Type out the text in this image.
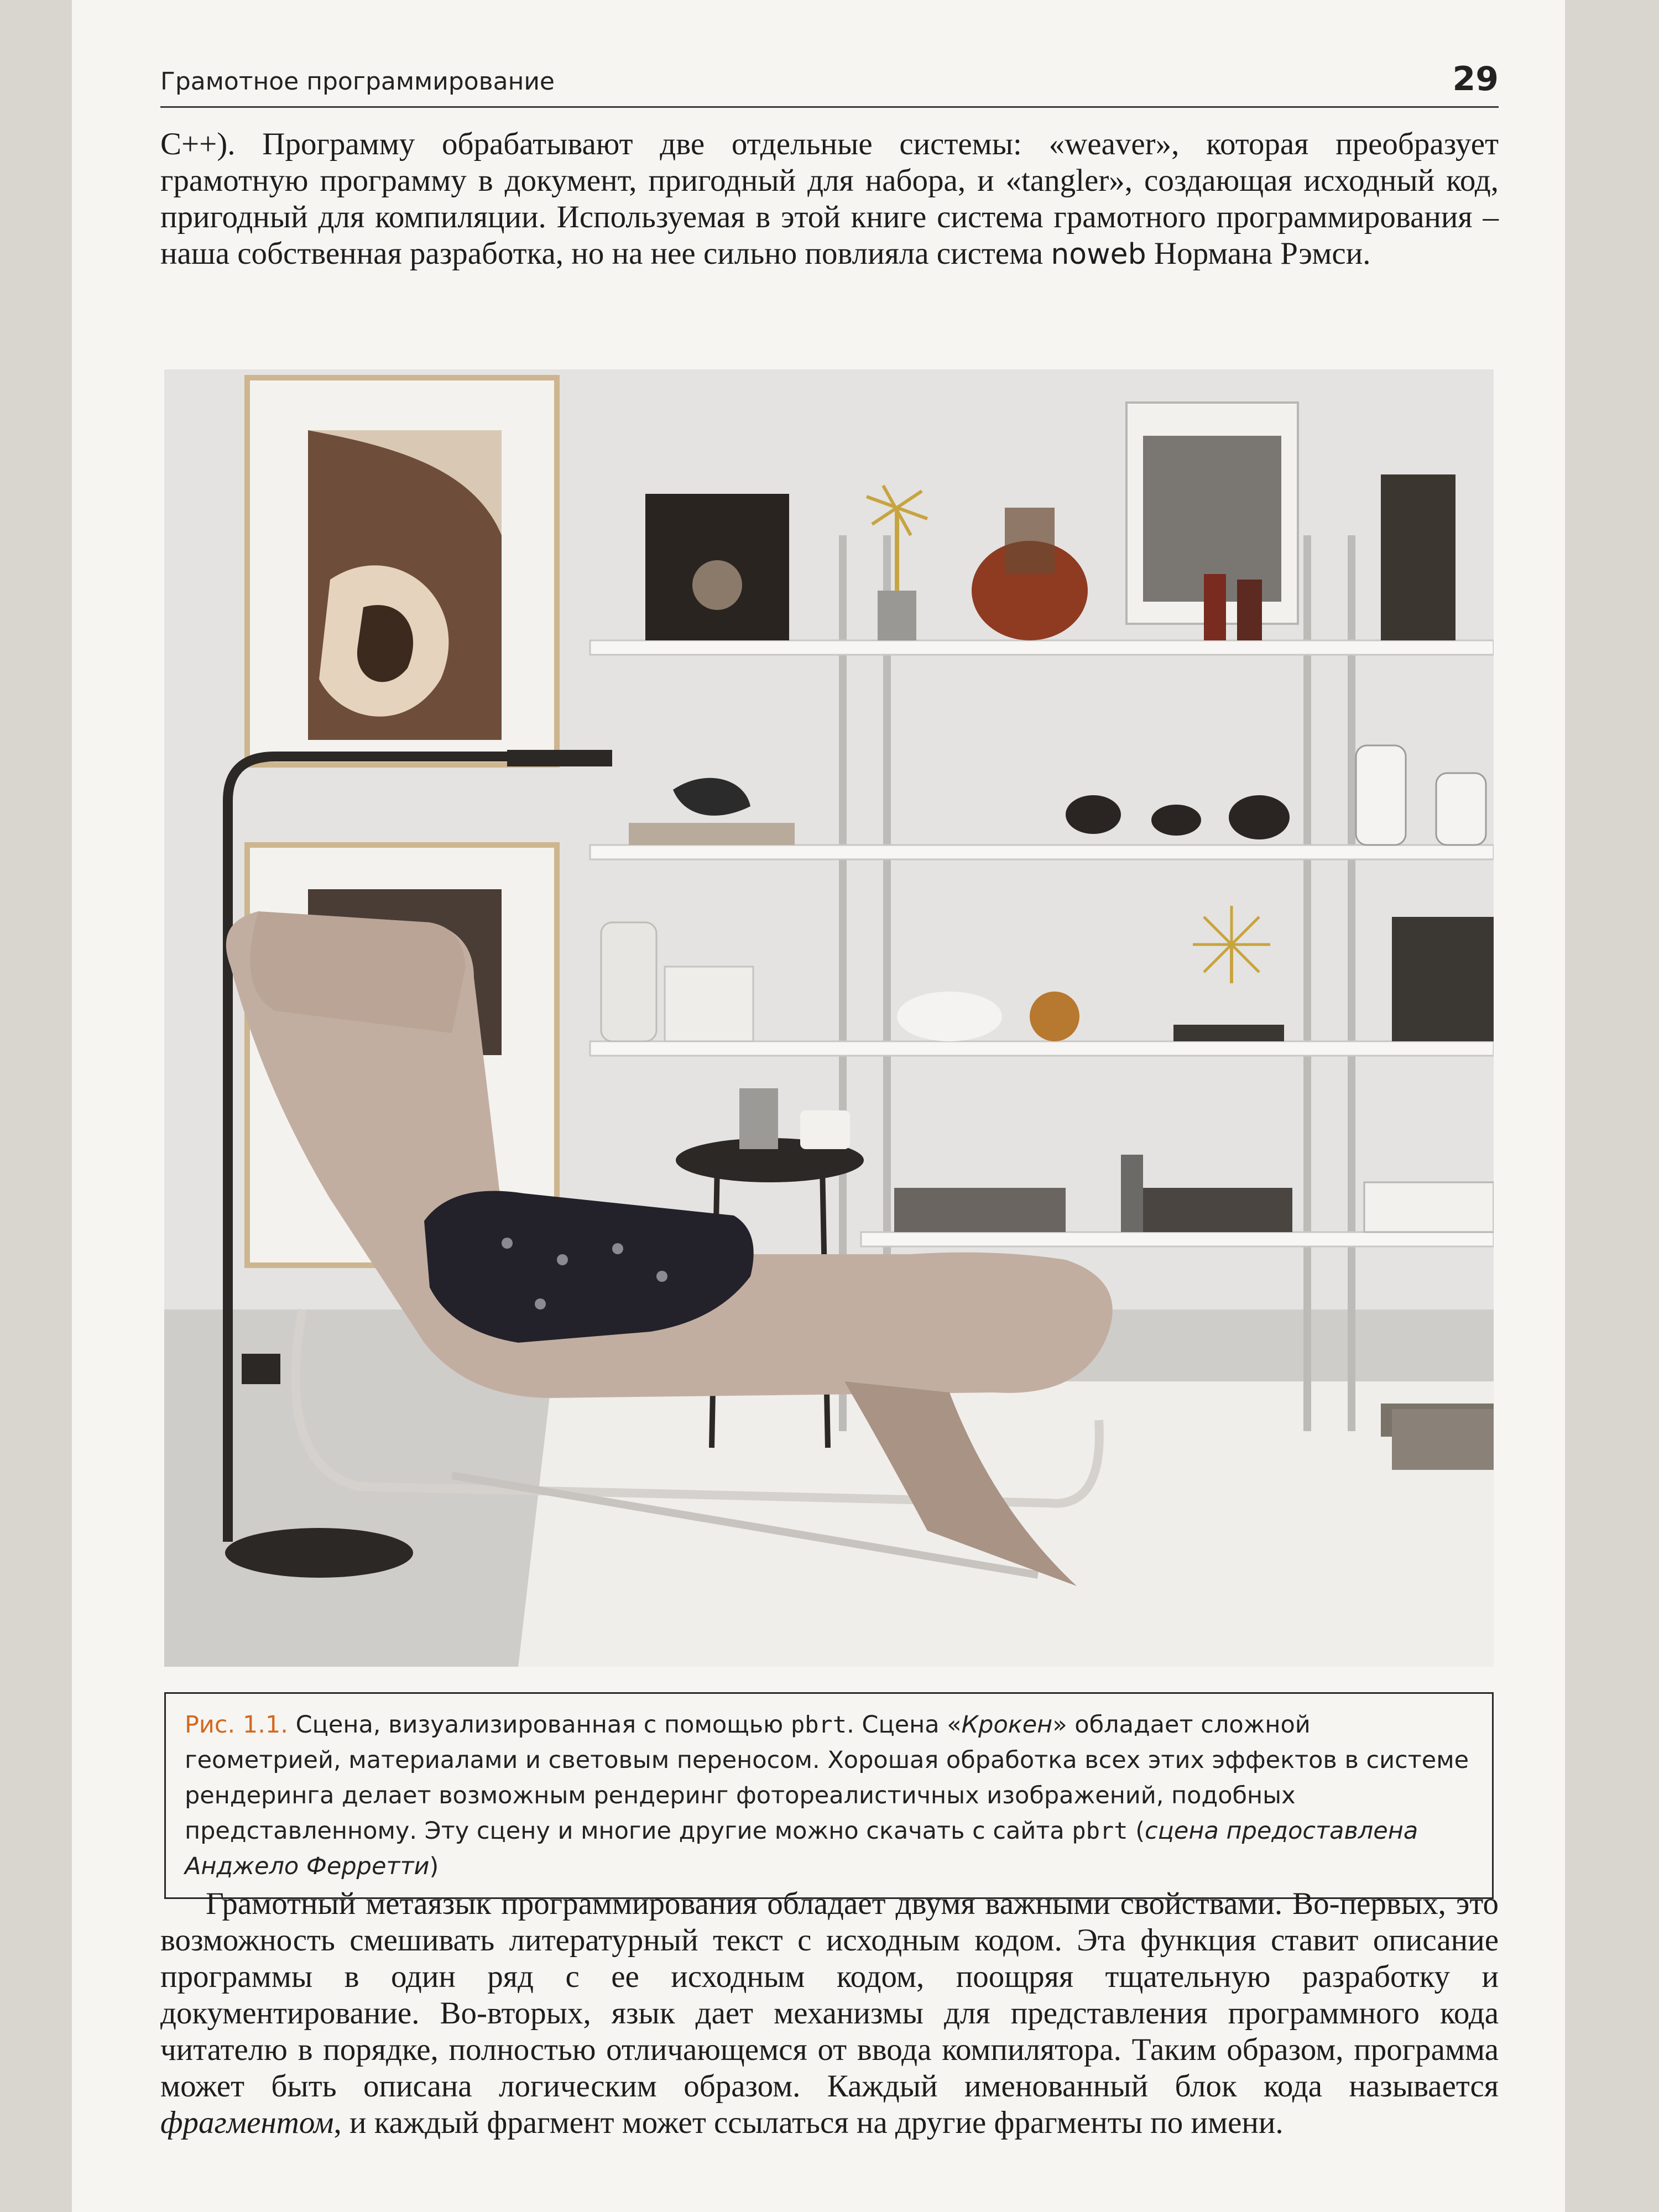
Грамотное программирование	29

С++). Программу обрабатывают две отдельные системы: «weaver», которая преобразует грамотную программу в документ, пригодный для набора, и «tangler», создающая исходный код, пригодный для компиляции. Используемая в этой книге система грамотного программирования – наша собственная разработка, но на нее сильно повлияла система noweb Нормана Рэмси.

Рис. 1.1. Сцена, визуализированная с помощью pbrt. Сцена «Крокен» обладает сложной геометрией, материалами и световым переносом. Хорошая обработка всех этих эффектов в системе рендеринга делает возможным рендеринг фотореалистичных изображений, подобных представленному. Эту сцену и многие другие можно скачать с сайта pbrt (сцена предоставлена Анджело Ферретти)

Грамотный метаязык программирования обладает двумя важными свойствами. Во-первых, это возможность смешивать литературный текст с исходным кодом. Эта функция ставит описание программы в один ряд с ее исходным кодом, поощряя тщательную разработку и документирование. Во-вторых, язык дает механизмы для представления программного кода читателю в порядке, полностью отличающемся от ввода компилятора. Таким образом, программа может быть описана логическим образом. Каждый именованный блок кода называется фрагментом, и каждый фрагмент может ссылаться на другие фрагменты по имени.
